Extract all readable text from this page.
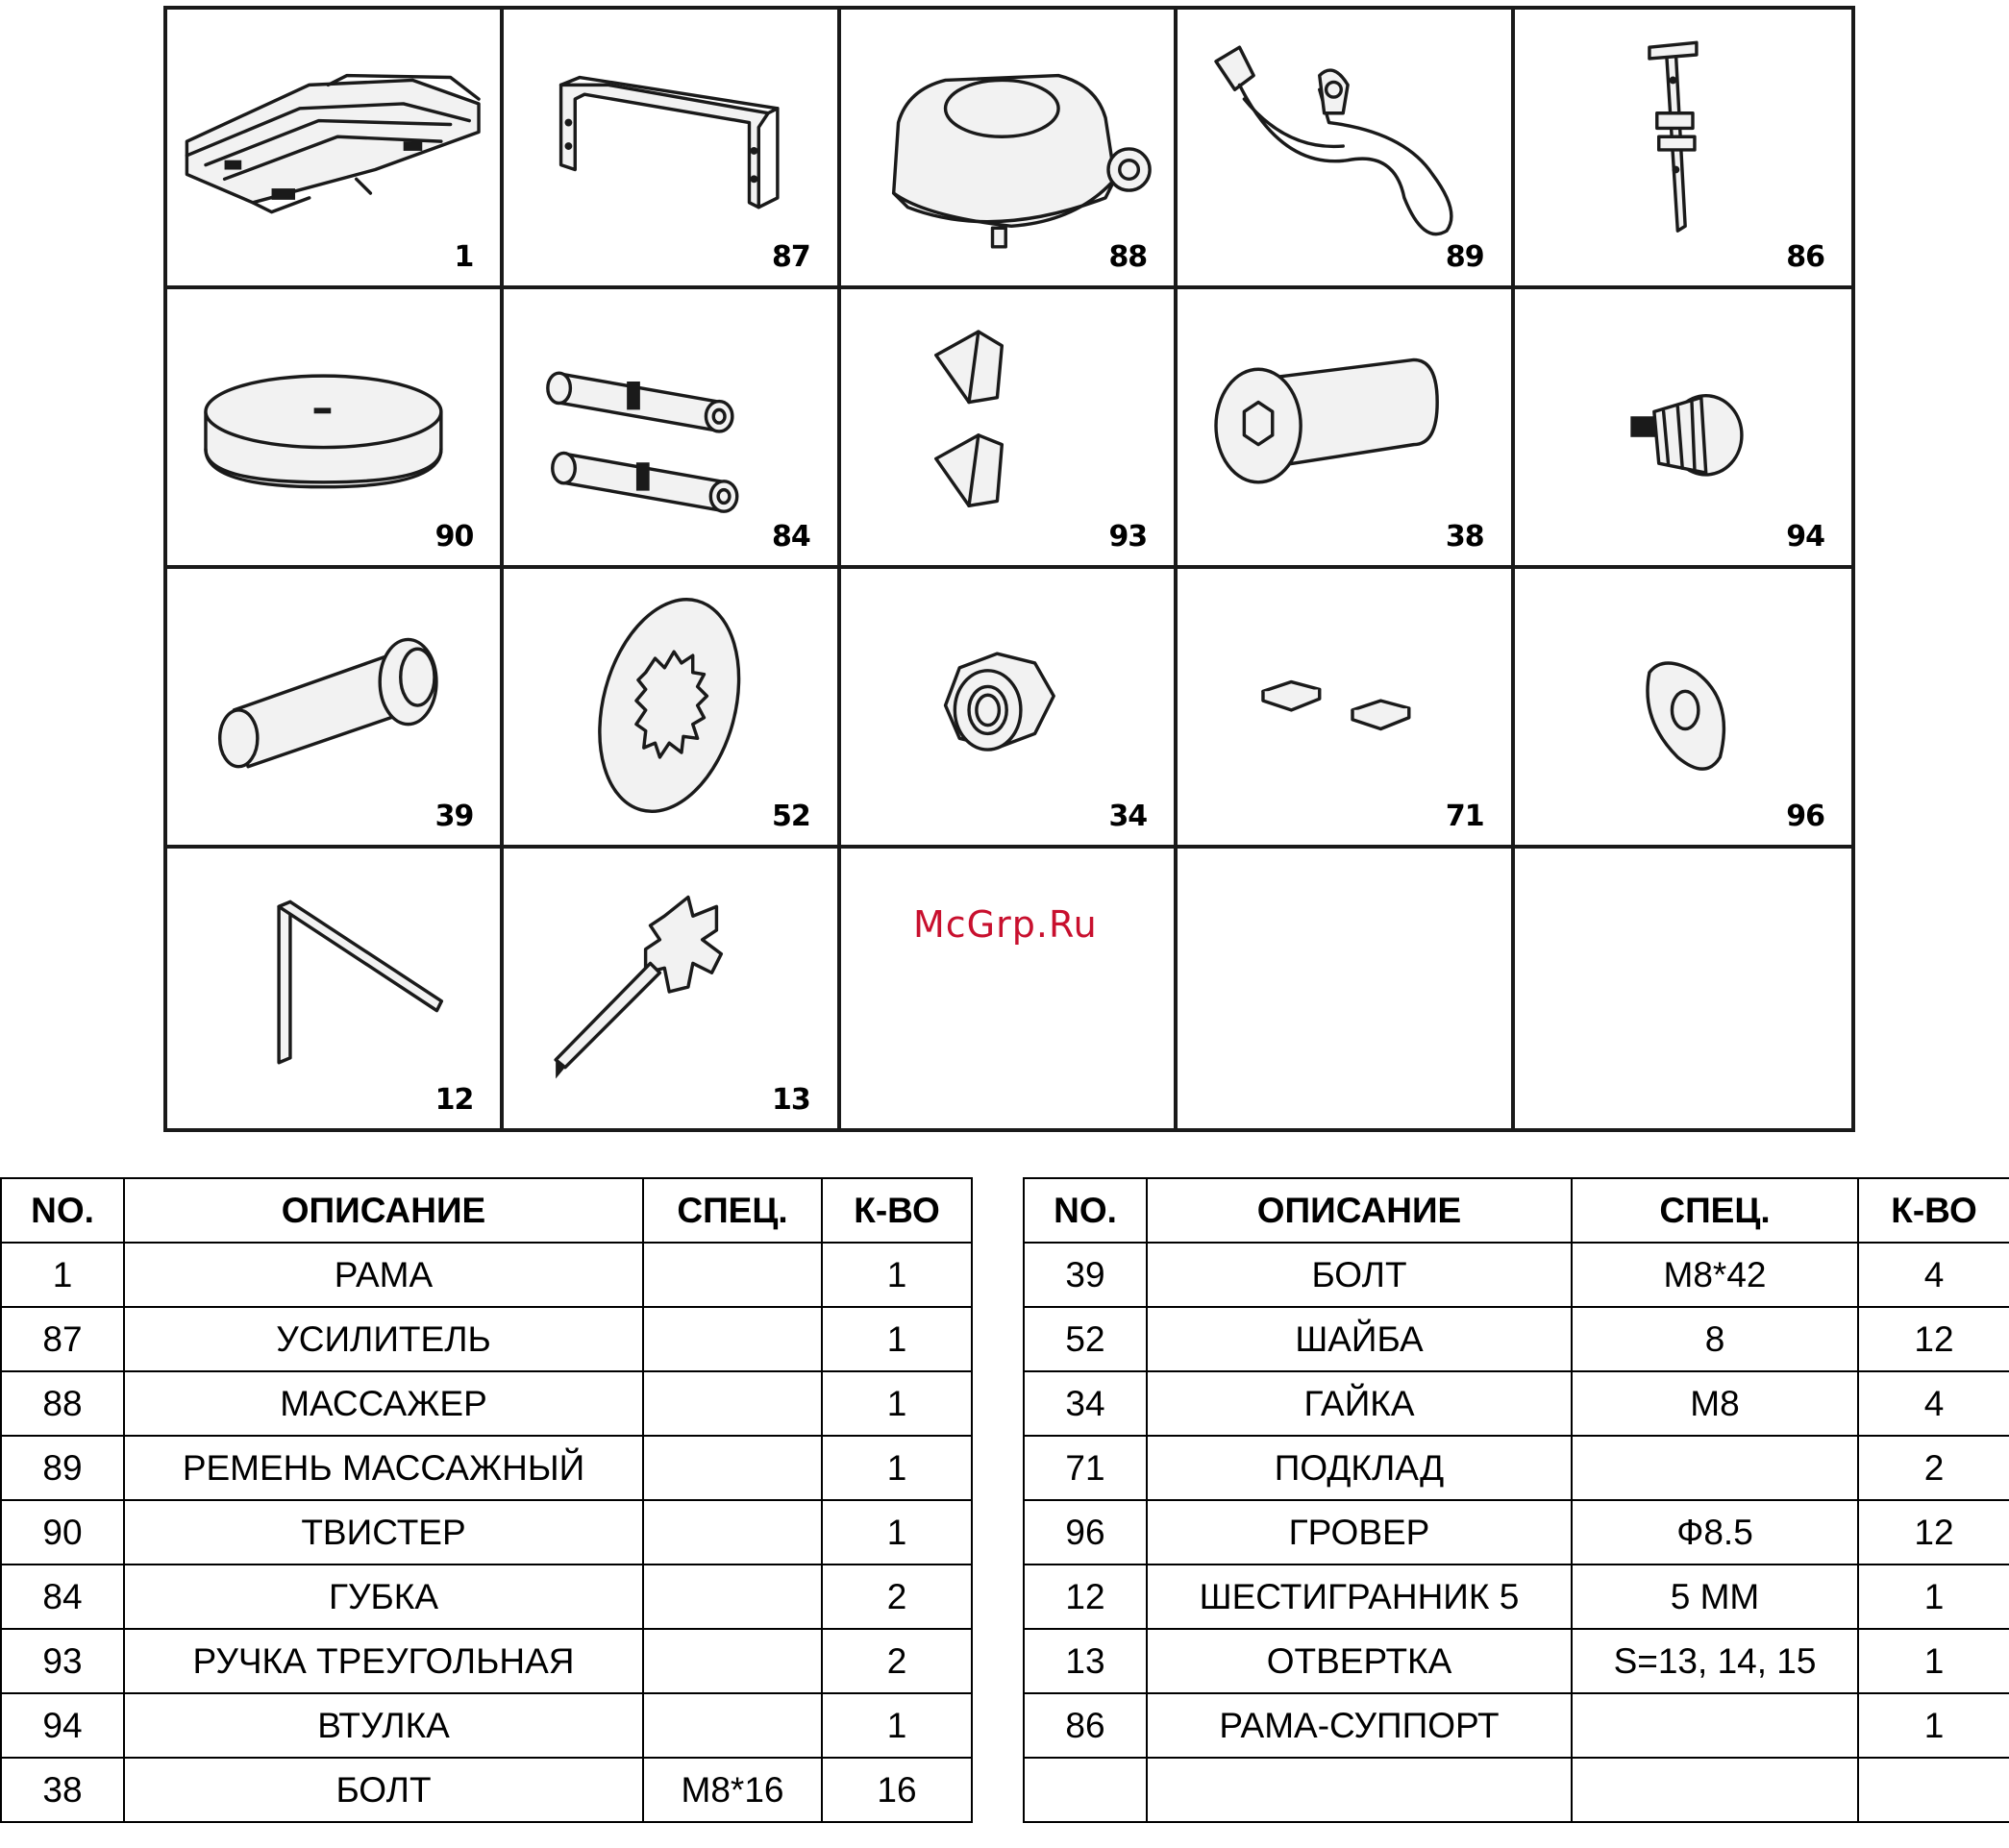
1	87	88	89	86
90	84	93	38	94
39	52	34	71	96
12	13
McGrp.Ru
NO.	ОПИСАНИЕ	СПЕЦ.	К-ВО
1	РАМА		1
87	УСИЛИТЕЛЬ		1
88	МАССАЖЕР		1
89	РЕМЕНЬ МАССАЖНЫЙ		1
90	ТВИСТЕР		1
84	ГУБКА		2
93	РУЧКА ТРЕУГОЛЬНАЯ		2
94	ВТУЛКА		1
38	БОЛТ	M8*16	16
NO.	ОПИСАНИЕ	СПЕЦ.	К-ВО
39	БОЛТ	M8*42	4
52	ШАЙБА	8	12
34	ГАЙКА	M8	4
71	ПОДКЛАД		2
96	ГРОВЕР	Ф8.5	12
12	ШЕСТИГРАННИК 5	5 MM	1
13	ОТВЕРТКА	S=13, 14, 15	1
86	РАМА-СУППОРТ		1
